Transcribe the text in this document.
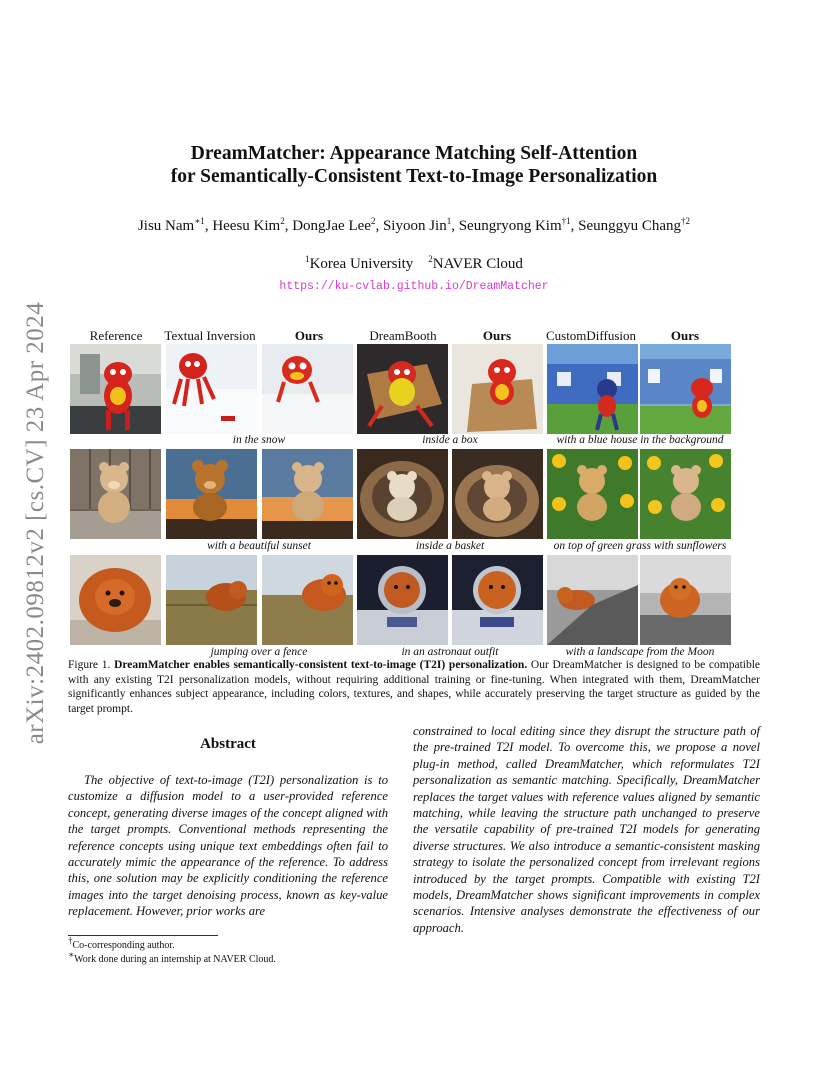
arXiv:2402.09812v2 [cs.CV] 23 Apr 2024
DreamMatcher: Appearance Matching Self-Attention
for Semantically-Consistent Text-to-Image Personalization
Jisu Nam$^{∗1}$, Heesu Kim$^2$, DongJae Lee$^2$, Siyoon Jin$^1$, Seungryong Kim$^{\dagger 1}$, Seunggyu Chang$^{\dagger 2}$
$^1$Korea University $^2$NAVER Cloud
https://ku-cvlab.github.io/DreamMatcher
Reference	Textual Inversion	Ours	DreamBooth	Ours	CustomDiffusion	Ours
in the snow	inside a box	with a blue house in the background
with a beautiful sunset	inside a basket	on top of green grass with sunflowers
jumping over a fence	in an astronaut outfit	with a landscape from the Moon
Figure 1. DreamMatcher enables semantically-consistent text-to-image (T2I) personalization. Our DreamMatcher is designed to be compatible with any existing T2I personalization models, without requiring additional training or fine-tuning. When integrated with them, DreamMatcher significantly enhances subject appearance, including colors, textures, and shapes, while accurately preserving the target structure as guided by the target prompt.
Abstract

The objective of text-to-image (T2I) personalization is to customize a diffusion model to a user-provided reference concept, generating diverse images of the concept aligned with the target prompts. Conventional methods representing the reference concepts using unique text embeddings often fail to accurately mimic the appearance of the reference. To address this, one solution may be explicitly conditioning the reference images into the target denoising process, known as key-value replacement. However, prior works are

constrained to local editing since they disrupt the structure path of the pre-trained T2I model. To overcome this, we propose a novel plug-in method, called DreamMatcher, which reformulates T2I personalization as semantic matching. Specifically, DreamMatcher replaces the target values with reference values aligned by semantic matching, while leaving the structure path unchanged to preserve the versatile capability of pre-trained T2I models for generating diverse structures. We also introduce a semantic-consistent masking strategy to isolate the personalized concept from irrelevant regions introduced by the target prompts. Compatible with existing T2I models, DreamMatcher shows significant improvements in complex scenarios. Intensive analyses demonstrate the effectiveness of our approach.

†Co-corresponding author.
∗Work done during an internship at NAVER Cloud.
